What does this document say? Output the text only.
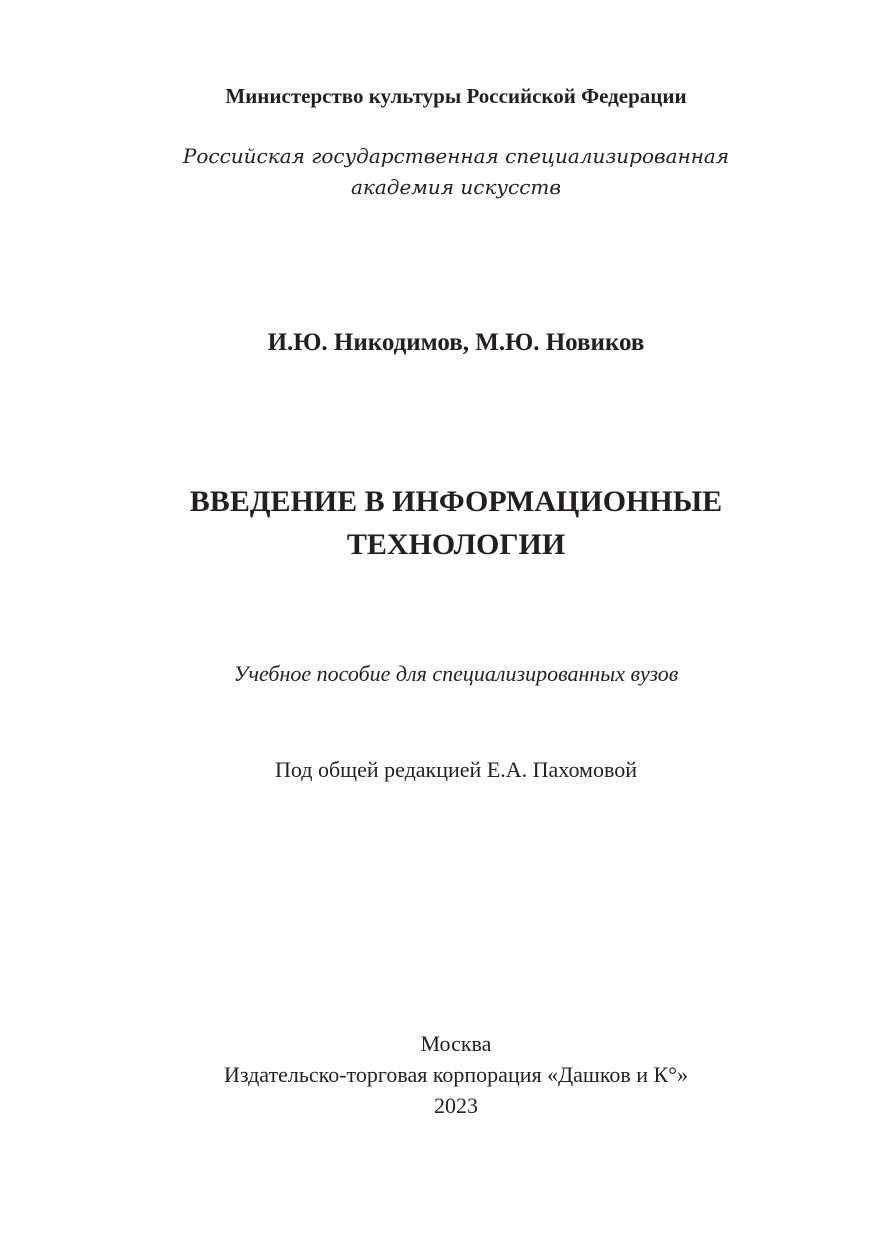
Министерство культуры Российской Федерации

Российская государственная специализированная

академия искусств

И.Ю. Никодимов, М.Ю. Новиков

ВВЕДЕНИЕ В ИНФОРМАЦИОННЫЕ
ТЕХНОЛОГИИ

Учебное пособие для специализированных вузов

Под общей редакцией Е.А. Пахомовой

Москва

Издательско-торговая корпорация «Дашков и К°»

2023
